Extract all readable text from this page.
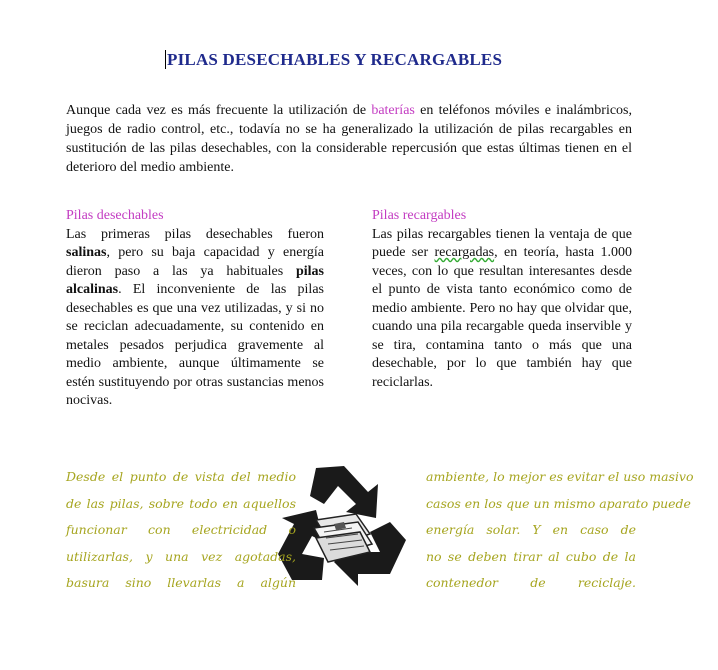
PILAS DESECHABLES Y RECARGABLES
Aunque cada vez es más frecuente la utilización de baterías en teléfonos móviles e inalámbricos, juegos de radio control, etc., todavía no se ha generalizado la utilización de pilas recargables en sustitución de las pilas desechables, con la considerable repercusión que estas últimas tienen en el deterioro del medio ambiente.
Pilas desechables
Las primeras pilas desechables fueron salinas, pero su baja capacidad y energía dieron paso a las ya habituales pilas alcalinas. El inconveniente de las pilas desechables es que una vez utilizadas, y si no se reciclan adecuadamente, su contenido en metales pesados perjudica gravemente al medio ambiente, aunque últimamente se estén sustituyendo por otras sustancias menos nocivas.
Pilas recargables
Las pilas recargables tienen la ventaja de que puede ser recargadas, en teoría, hasta 1.000 veces, con lo que resultan interesantes desde el punto de vista tanto económico como de medio ambiente. Pero no hay que olvidar que, cuando una pila recargable queda inservible y se tira, contamina tanto o más que una desechable, por lo que también hay que reciclarlas.
Desde el punto de vista del medio	ambiente, lo mejor es evitar el uso masivo
de las pilas, sobre todo en aquellos	casos en los que un mismo aparato puede
funcionar con electricidad o	energía solar. Y en caso de
utilizarlas, y una vez agotadas,	no se deben tirar al cubo de la
basura sino llevarlas a algún	contenedor de reciclaje.
